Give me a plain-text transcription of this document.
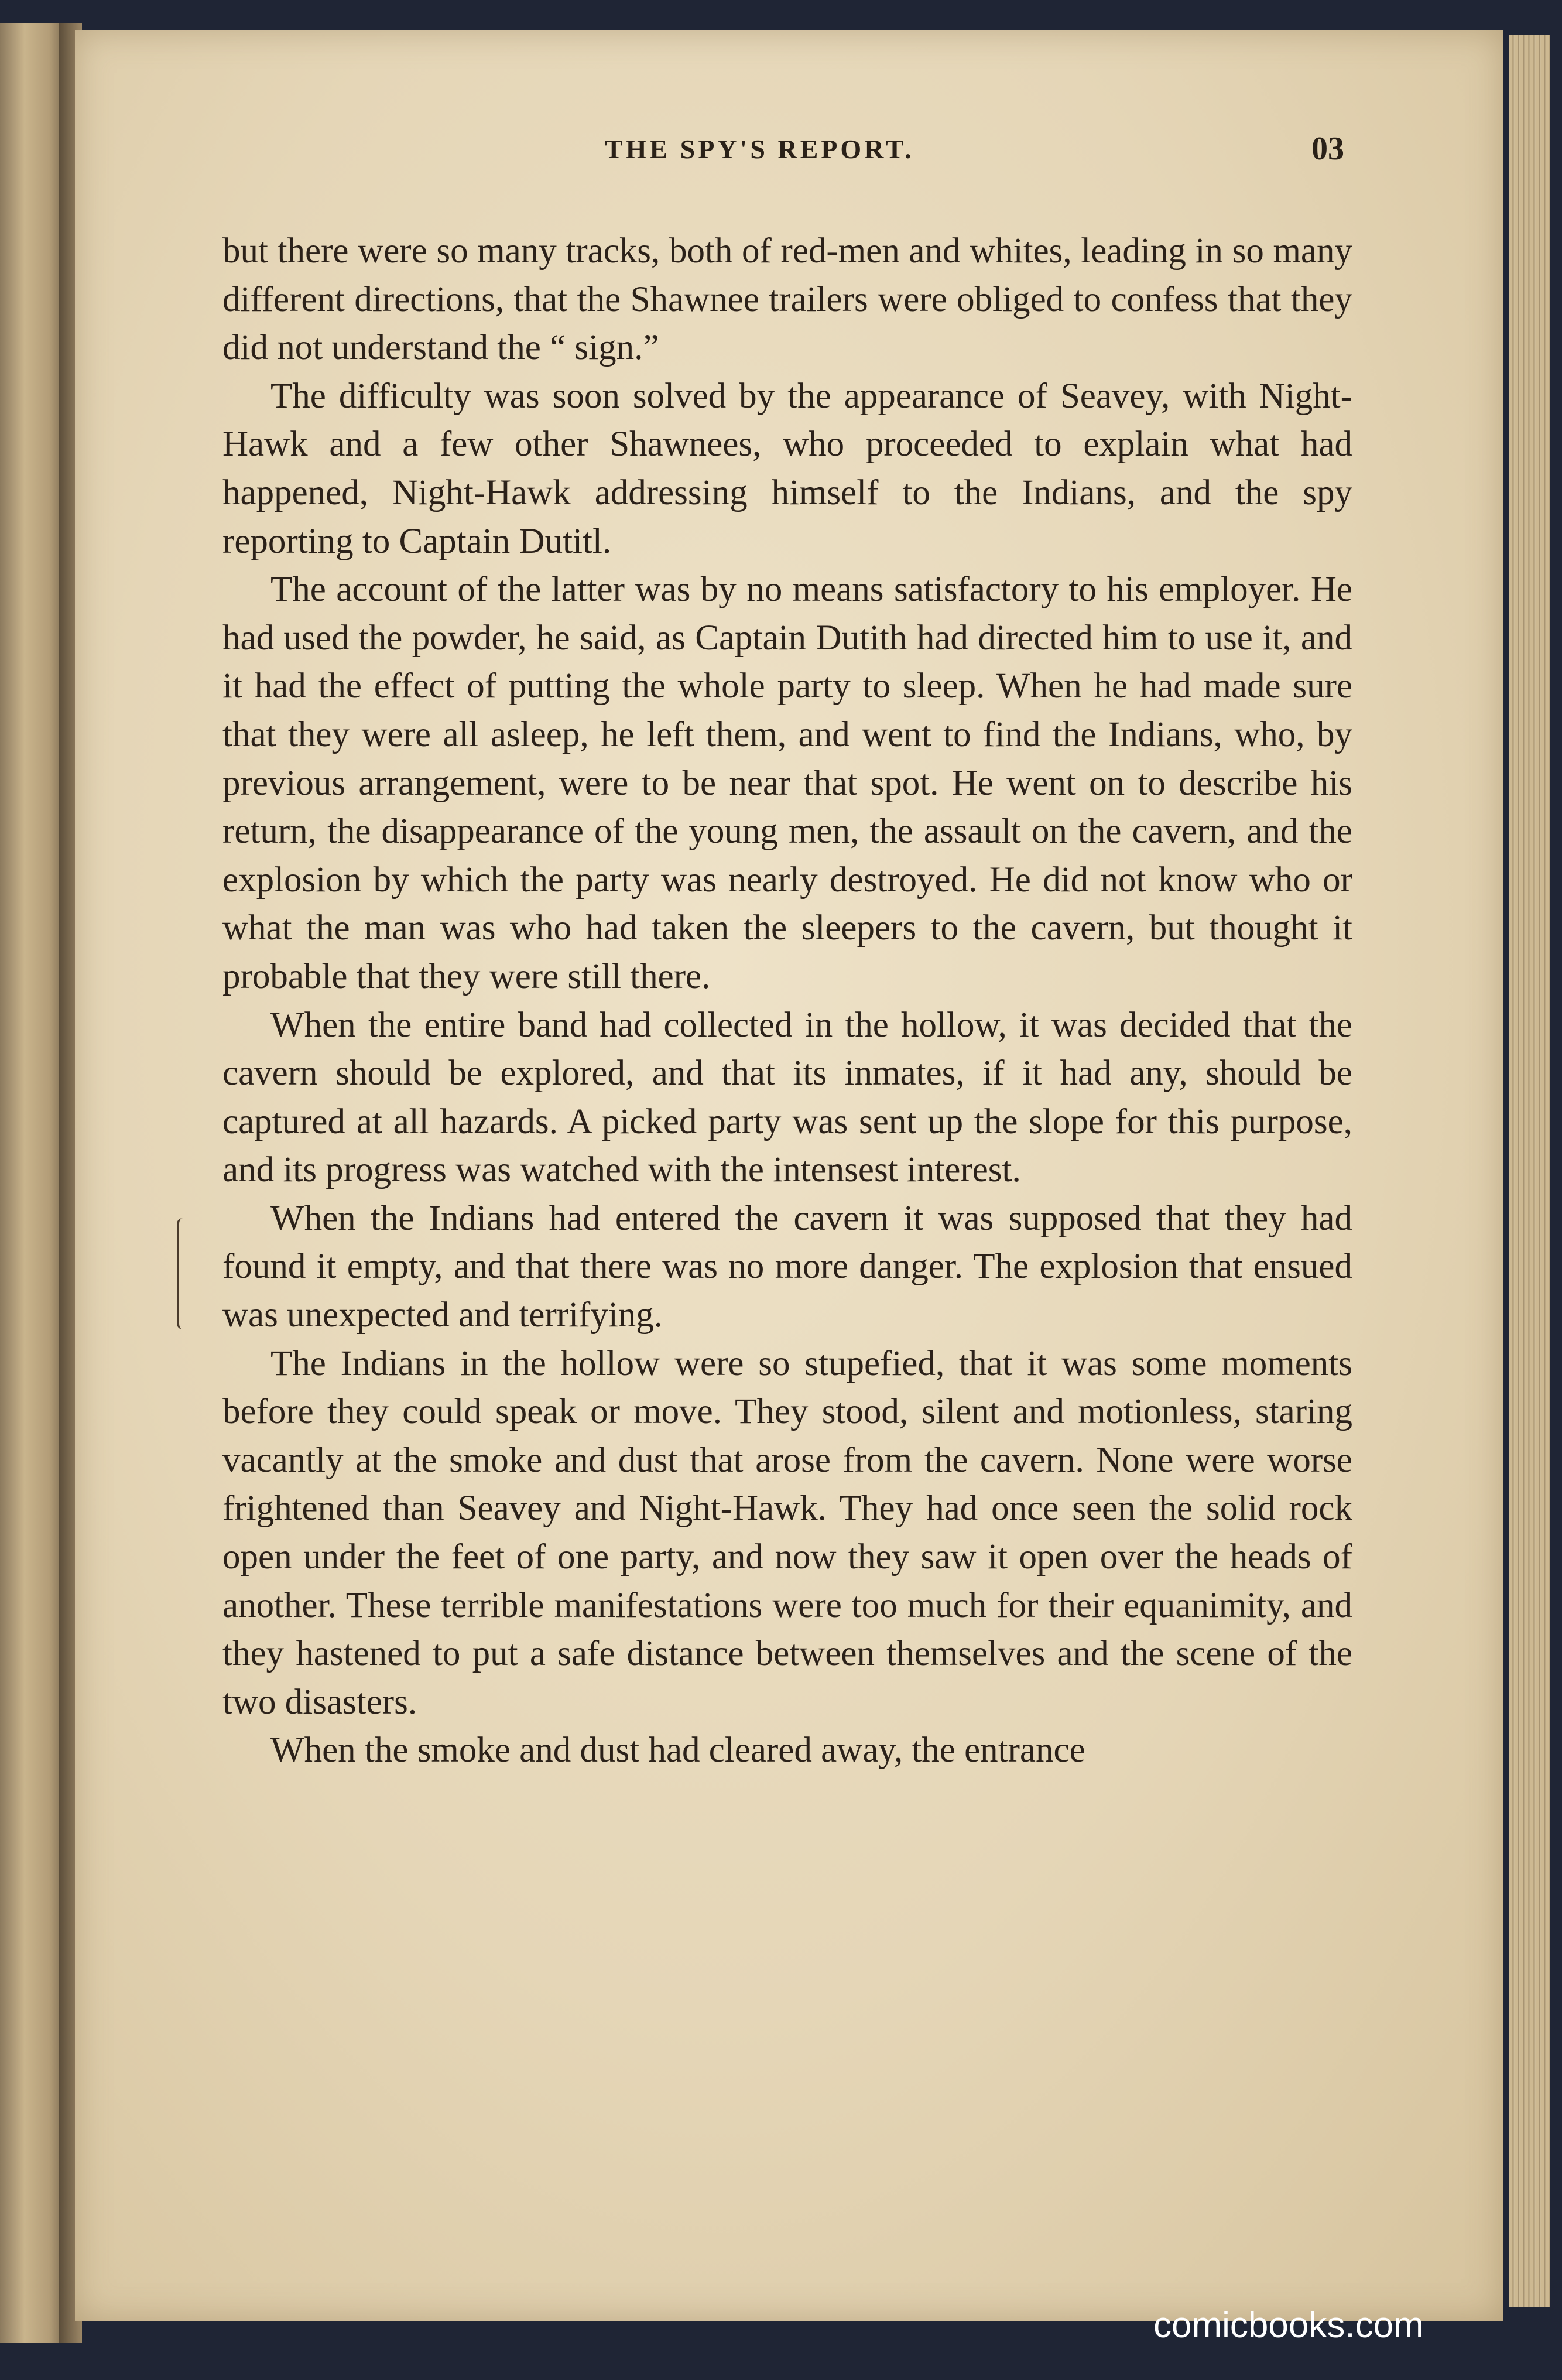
THE SPY'S REPORT.	03

but there were so many tracks, both of red-men and whites, leading in so many different directions, that the Shawnee trailers were obliged to confess that they did not understand the “ sign.”

The difficulty was soon solved by the appearance of Seavey, with Night-Hawk and a few other Shawnees, who proceeded to explain what had happened, Night-Hawk addressing himself to the Indians, and the spy reporting to Captain Dutitl.

The account of the latter was by no means satisfactory to his employer. He had used the powder, he said, as Captain Dutith had directed him to use it, and it had the effect of putting the whole party to sleep. When he had made sure that they were all asleep, he left them, and went to find the Indians, who, by previous arrangement, were to be near that spot. He went on to describe his return, the disappearance of the young men, the assault on the cavern, and the explosion by which the party was nearly destroyed. He did not know who or what the man was who had taken the sleepers to the cavern, but thought it probable that they were still there.

When the entire band had collected in the hollow, it was decided that the cavern should be explored, and that its inmates, if it had any, should be captured at all hazards. A picked party was sent up the slope for this purpose, and its progress was watched with the intensest interest.

When the Indians had entered the cavern it was supposed that they had found it empty, and that there was no more danger. The explosion that ensued was unexpected and terrifying.

The Indians in the hollow were so stupefied, that it was some moments before they could speak or move. They stood, silent and motionless, staring vacantly at the smoke and dust that arose from the cavern. None were worse frightened than Seavey and Night-Hawk. They had once seen the solid rock open under the feet of one party, and now they saw it open over the heads of another. These terrible manifestations were too much for their equanimity, and they hastened to put a safe distance between themselves and the scene of the two disasters.

When the smoke and dust had cleared away, the entrance

comicbooks.com
